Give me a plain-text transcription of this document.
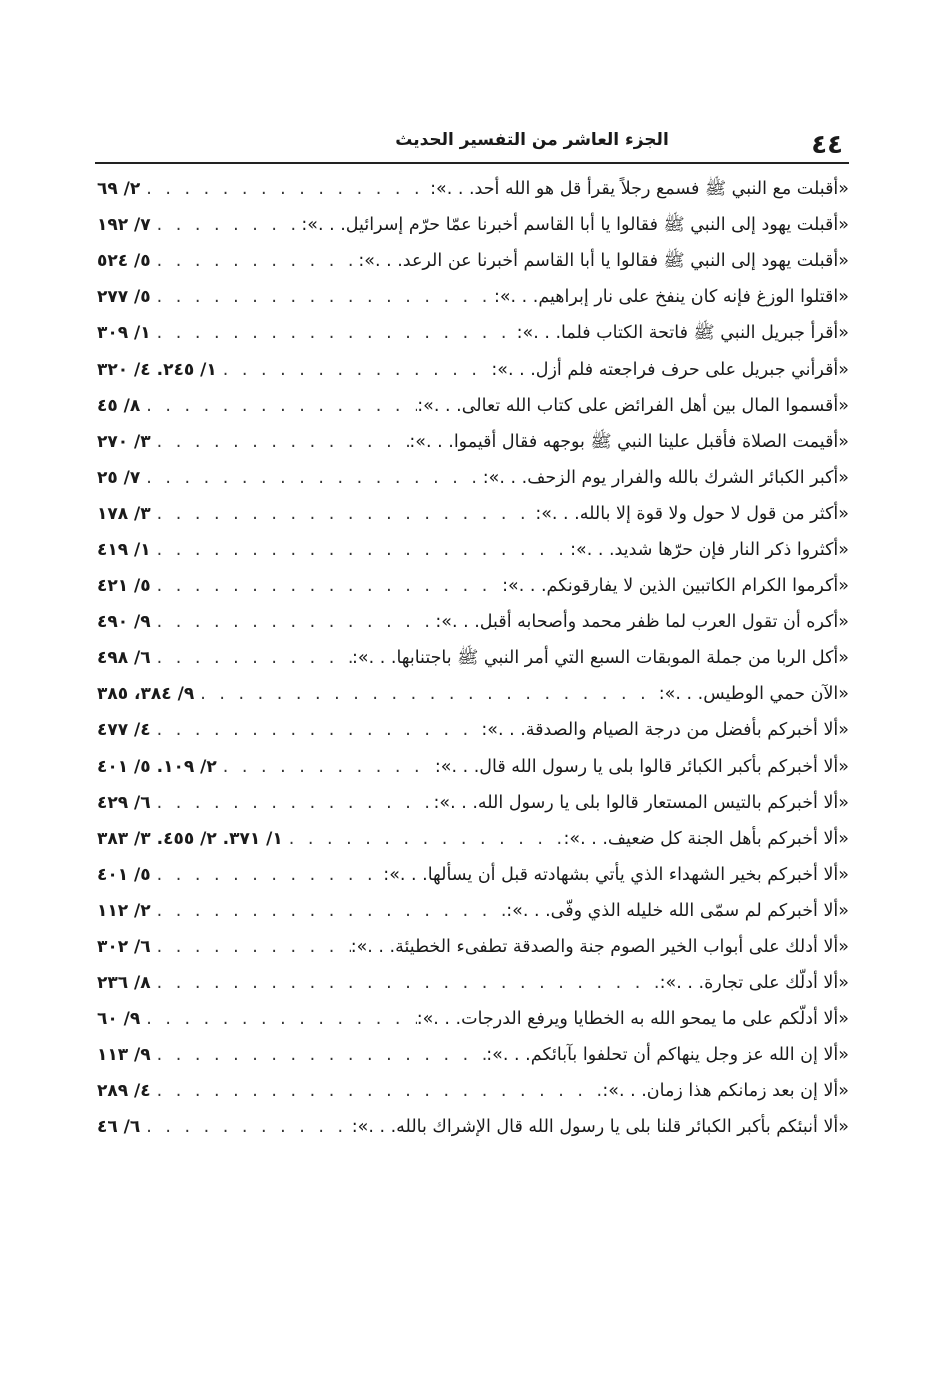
٤٤
الجزء العاشر من التفسير الحديث
«أقبلت مع النبي ﷺ فسمع رجلاً يقرأ قل هو الله أحد. . .»:
. . .
٢/ ٦٩
«أقبلت يهود إلى النبي ﷺ فقالوا يا أبا القاسم أخبرنا عمّا حرّم إسرائيل. . .»:
. . .
٧/ ١٩٢
«أقبلت يهود إلى النبي ﷺ فقالوا يا أبا القاسم أخبرنا عن الرعد. . .»:
. . .
٥/ ٥٢٤
«اقتلوا الوزغ فإنه كان ينفخ على نار إبراهيم. . .»:
. . .
٥/ ٢٧٧
«أقرأ جبريل النبي ﷺ فاتحة الكتاب فلما. . .»:
. . .
١/ ٣٠٩
«أقرأني جبريل على حرف فراجعته فلم أزل. . .»:
. . .
١/ ٢٤٥. ٤/ ٣٢٠
«أقسموا المال بين أهل الفرائض على كتاب الله تعالى. . .»:
. . .
٨/ ٤٥
«أقيمت الصلاة فأقبل علينا النبي ﷺ بوجهه فقال أقيموا. . .»:
. . .
٣/ ٢٧٠
«أكبر الكبائر الشرك بالله والفرار يوم الزحف. . .»:
. . .
٧/ ٢٥
«أكثر من قول لا حول ولا قوة إلا بالله. . .»:
. . .
٣/ ١٧٨
«أكثروا ذكر النار فإن حرّها شديد. . .»:
. . .
١/ ٤١٩
«أكرموا الكرام الكاتبين الذين لا يفارقونكم. . .»:
. . .
٥/ ٤٢١
«أكره أن تقول العرب لما ظفر محمد وأصحابه أقبل. . .»:
. . .
٩/ ٤٩٠
«أكل الربا من جملة الموبقات السبع التي أمر النبي ﷺ باجتنابها. . .»:
. . .
٦/ ٤٩٨
«الآن حمي الوطيس. . .»:
. . .
٩/ ٣٨٤، ٣٨٥
«ألا أخبركم بأفضل من درجة الصيام والصدقة. . .»:
. . .
٤/ ٤٧٧
«ألا أخبركم بأكبر الكبائر قالوا بلى يا رسول الله قال. . .»:
. . .
٢/ ١٠٩. ٥/ ٤٠١
«ألا أخبركم بالتيس المستعار قالوا بلى يا رسول الله. . .»:
. . .
٦/ ٤٢٩
«ألا أخبركم بأهل الجنة كل ضعيف. . .»:
. . .
١/ ٣٧١. ٢/ ٤٥٥. ٣/ ٣٨٣
«ألا أخبركم بخير الشهداء الذي يأتي بشهادته قبل أن يسألها. . .»:
. . .
٥/ ٤٠١
«ألا أخبركم لم سمّى الله خليله الذي وفّى. . .»:
. . .
٢/ ١١٢
«ألا أدلك على أبواب الخير الصوم جنة والصدقة تطفىء الخطيئة. . .»:
. . .
٦/ ٣٠٢
«ألا أدلّك على تجارة. . .»:
. . .
٨/ ٢٣٦
«ألا أدلّكم على ما يمحو الله به الخطايا ويرفع الدرجات. . .»:
. . .
٩/ ٦٠
«ألا إن الله عز وجل ينهاكم أن تحلفوا بآبائكم. . .»:
. . .
٩/ ١١٣
«ألا إن بعد زمانكم هذا زمان. . .»:
. . .
٤/ ٢٨٩
«ألا أنبئكم بأكبر الكبائر قلنا بلى يا رسول الله قال الإشراك بالله. . .»:
. . .
٦/ ٤٦
